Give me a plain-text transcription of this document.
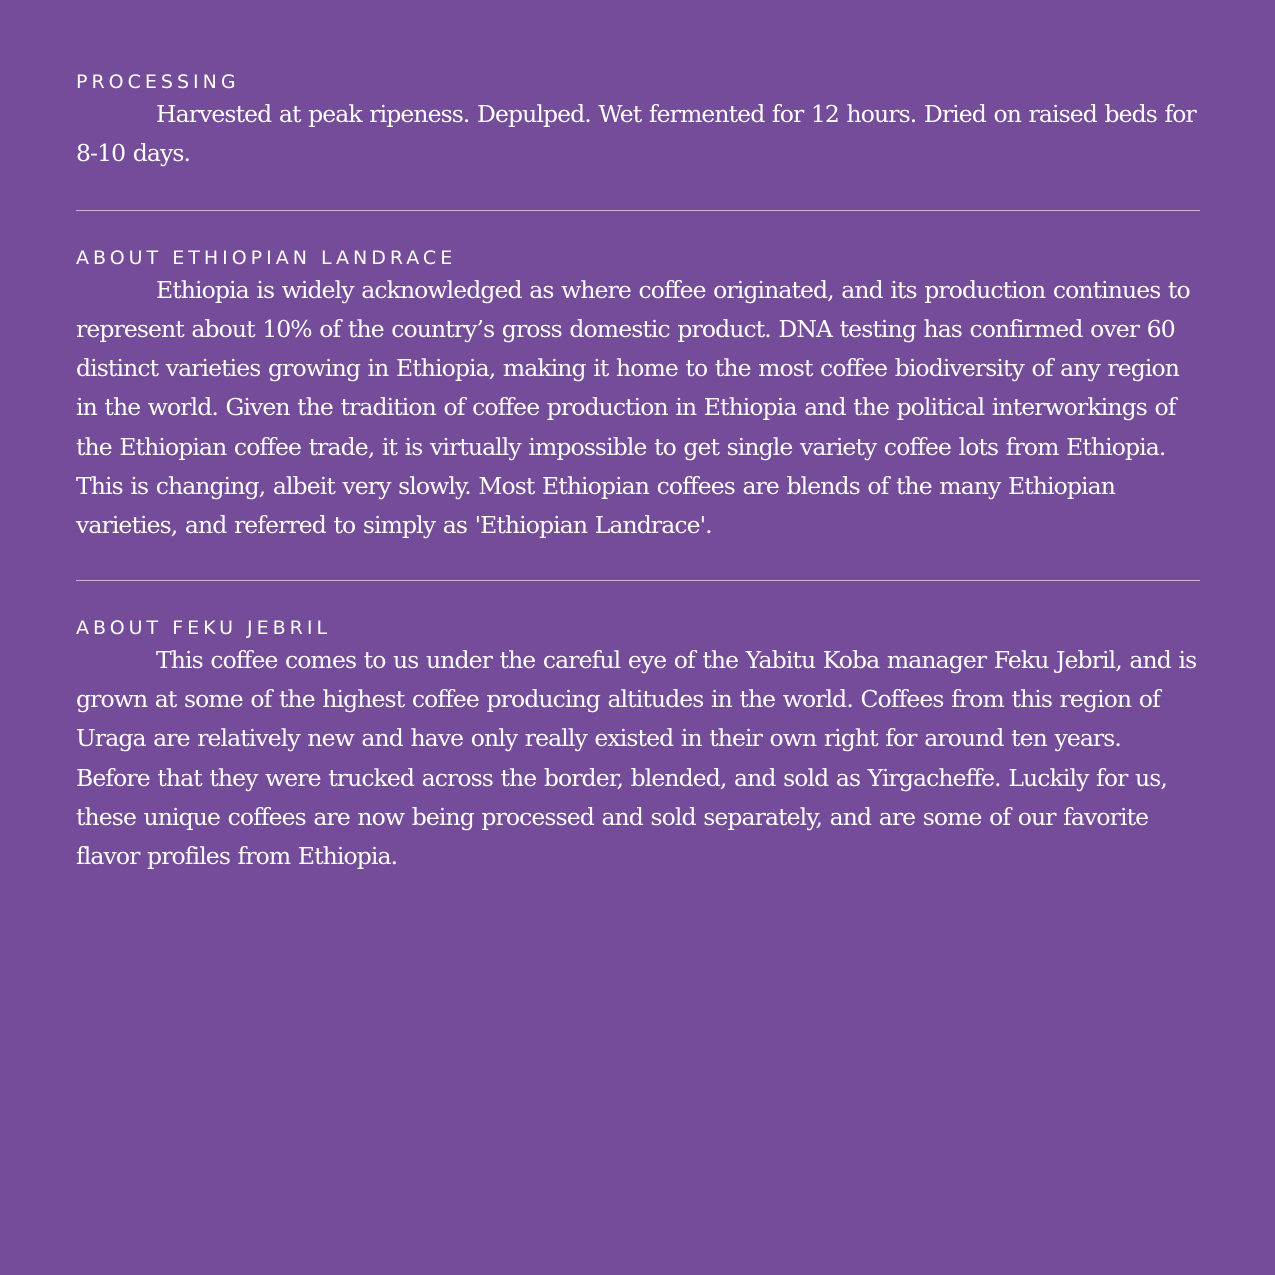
PROCESSING

Harvested at peak ripeness. Depulped. Wet fermented for 12 hours. Dried on raised beds for 8-10 days.

ABOUT ETHIOPIAN LANDRACE

Ethiopia is widely acknowledged as where coffee originated, and its production continues to represent about 10% of the country’s gross domestic product. DNA testing has confirmed over 60 distinct varieties growing in Ethiopia, making it home to the most coffee biodiversity of any region in the world. Given the tradition of coffee production in Ethiopia and the political interworkings of the Ethiopian coffee trade, it is virtually impossible to get single variety coffee lots from Ethiopia. This is changing, albeit very slowly. Most Ethiopian coffees are blends of the many Ethiopian varieties, and referred to simply as 'Ethiopian Landrace'.

ABOUT FEKU JEBRIL

This coffee comes to us under the careful eye of the Yabitu Koba manager Feku Jebril, and is grown at some of the highest coffee producing altitudes in the world. Coffees from this region of Uraga are relatively new and have only really existed in their own right for around ten years. Before that they were trucked across the border, blended, and sold as Yirgacheffe. Luckily for us, these unique coffees are now being processed and sold separately, and are some of our favorite flavor profiles from Ethiopia.
